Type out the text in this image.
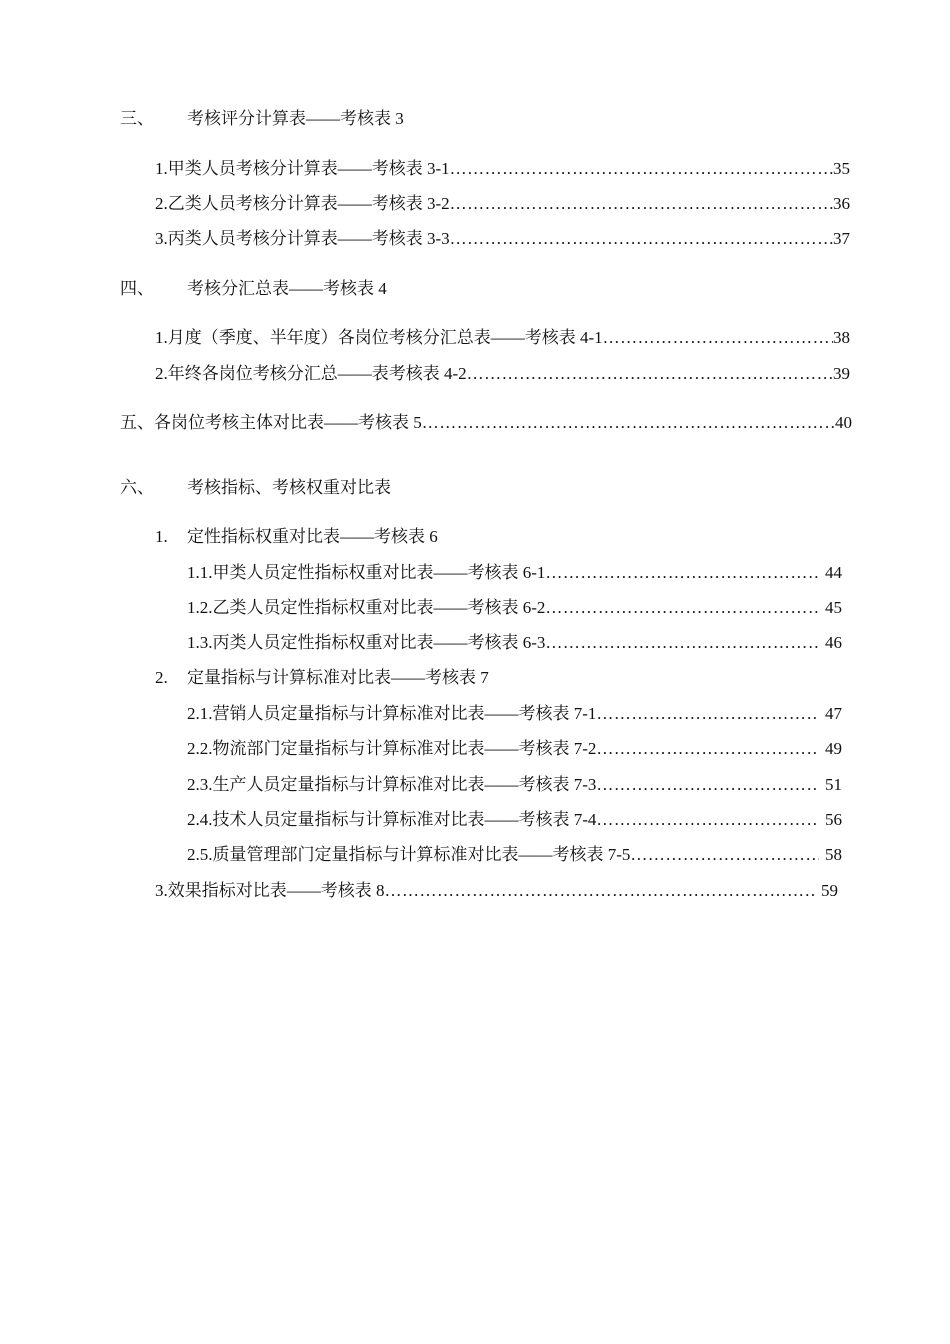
三、	考核评分计算表——考核表 3
1. 甲类人员考核分计算表——考核表 3-1 ………………………………………………………………………………………………………………………………………………………………………………	35
2. 乙类人员考核分计算表——考核表 3-2 ………………………………………………………………………………………………………………………………………………………………………………	36
3. 丙类人员考核分计算表——考核表 3-3 ………………………………………………………………………………………………………………………………………………………………………………	37
四、	考核分汇总表——考核表 4
1. 月度（季度、半年度）各岗位考核分汇总表——考核表 4-1 ………………………………………………………………………………………………………………………………………………………………………………	38
2. 年终各岗位考核分汇总——表考核表 4-2 ………………………………………………………………………………………………………………………………………………………………………………	39
五、 各岗位考核主体对比表——考核表 5 ………………………………………………………………………………………………………………………………………………………………………………	40
六、	考核指标、考核权重对比表
1.	定性指标权重对比表——考核表 6
1.1. 甲类人员定性指标权重对比表——考核表 6-1 ………………………………………………………………………………………………………………………………………………………………………………	44
1.2. 乙类人员定性指标权重对比表——考核表 6-2 ………………………………………………………………………………………………………………………………………………………………………………	45
1.3. 丙类人员定性指标权重对比表——考核表 6-3 ………………………………………………………………………………………………………………………………………………………………………………	46
2.	定量指标与计算标准对比表——考核表 7
2.1. 营销人员定量指标与计算标准对比表——考核表 7-1 ………………………………………………………………………………………………………………………………………………………………………………	47
2.2. 物流部门定量指标与计算标准对比表——考核表 7-2 ………………………………………………………………………………………………………………………………………………………………………………	49
2.3. 生产人员定量指标与计算标准对比表——考核表 7-3 ………………………………………………………………………………………………………………………………………………………………………………	51
2.4. 技术人员定量指标与计算标准对比表——考核表 7-4 ………………………………………………………………………………………………………………………………………………………………………………	56
2.5. 质量管理部门定量指标与计算标准对比表——考核表 7-5 ………………………………………………………………………………………………………………………………………………………………………………	58
3. 效果指标对比表——考核表 8 ………………………………………………………………………………………………………………………………………………………………………………	59
